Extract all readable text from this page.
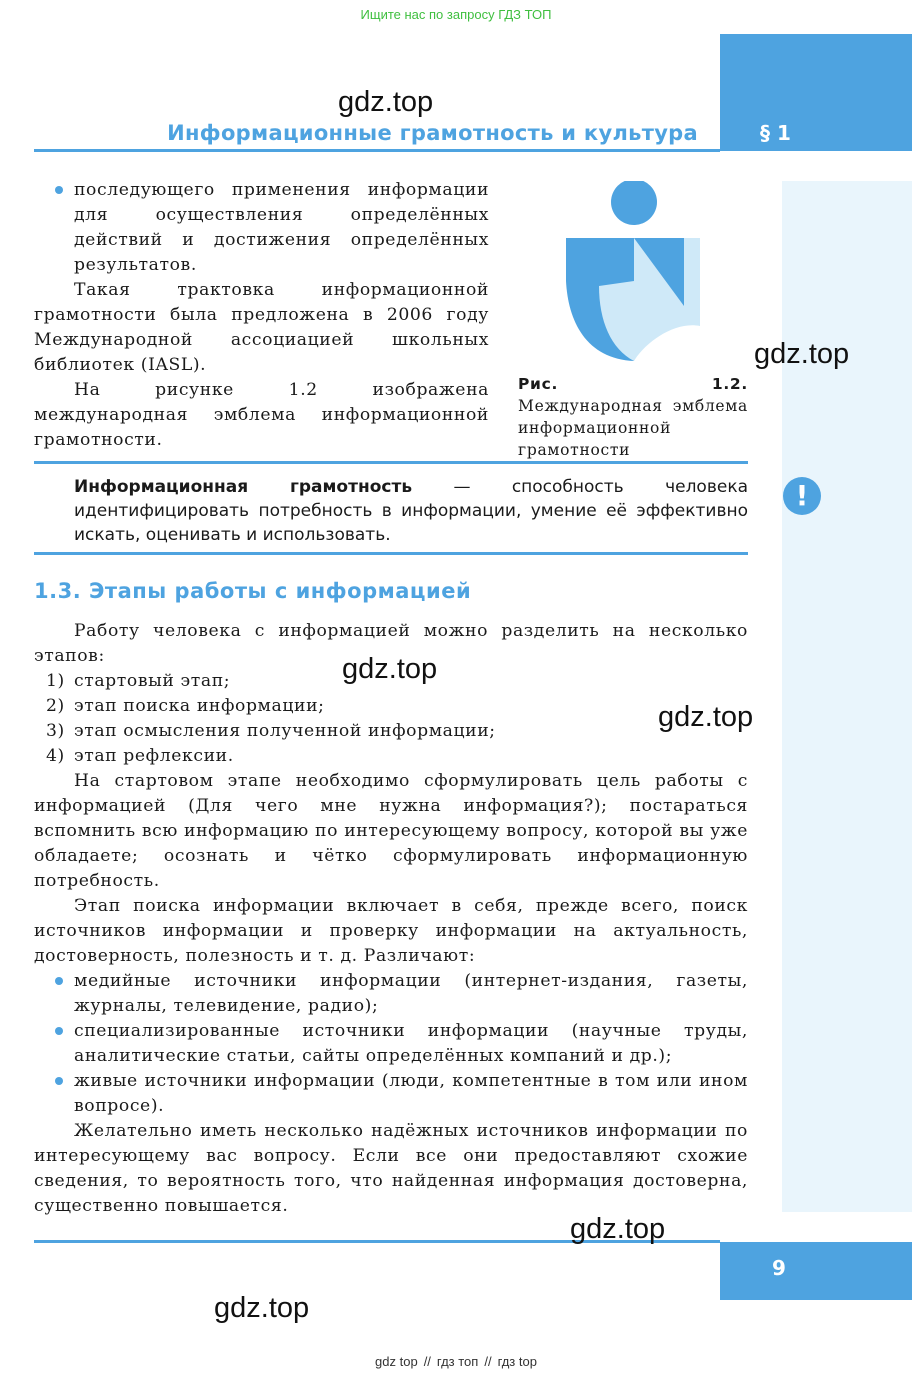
Ищите нас по запросу ГДЗ ТОП
§ 1
Информационные грамотность и культура

последующего применения информации для осуществления определённых действий и достижения определённых результатов.

Такая трактовка информационной грамотности была предложена в 2006 году Международной ассоциацией школьных библиотек (IASL).

На рисунке 1.2 изображена международная эмблема информационной грамотности.

Рис. 1.2. Международная эмблема информационной грамотности
!
Информационная грамотность — способность человека идентифицировать потребность в информации, умение её эффективно искать, оценивать и использовать.
1.3. Этапы работы с информацией

Работу человека с информацией можно разделить на несколько этапов:

1) стартовый этап;

2) этап поиска информации;

3) этап осмысления полученной информации;

4) этап рефлексии.

На стартовом этапе необходимо сформулировать цель работы с информацией (Для чего мне нужна информация?); постараться вспомнить всю информацию по интересующему вопросу, которой вы уже обладаете; осознать и чётко сформулировать информационную потребность.

Этап поиска информации включает в себя, прежде всего, поиск источников информации и проверку информации на актуальность, достоверность, полезность и т. д. Различают:

медийные источники информации (интернет-издания, газеты, журналы, телевидение, радио);

специализированные источники информации (научные труды, аналитические статьи, сайты определённых компаний и др.);

живые источники информации (люди, компетентные в том или ином вопросе).

Желательно иметь несколько надёжных источников информации по интересующему вас вопросу. Если все они предоставляют схожие сведения, то вероятность того, что найденная информация достоверна, существенно повышается.

9
gdz.top
gdz.top
gdz.top
gdz.top
gdz.top
gdz.top
gdz top // гдз топ // гдз top
